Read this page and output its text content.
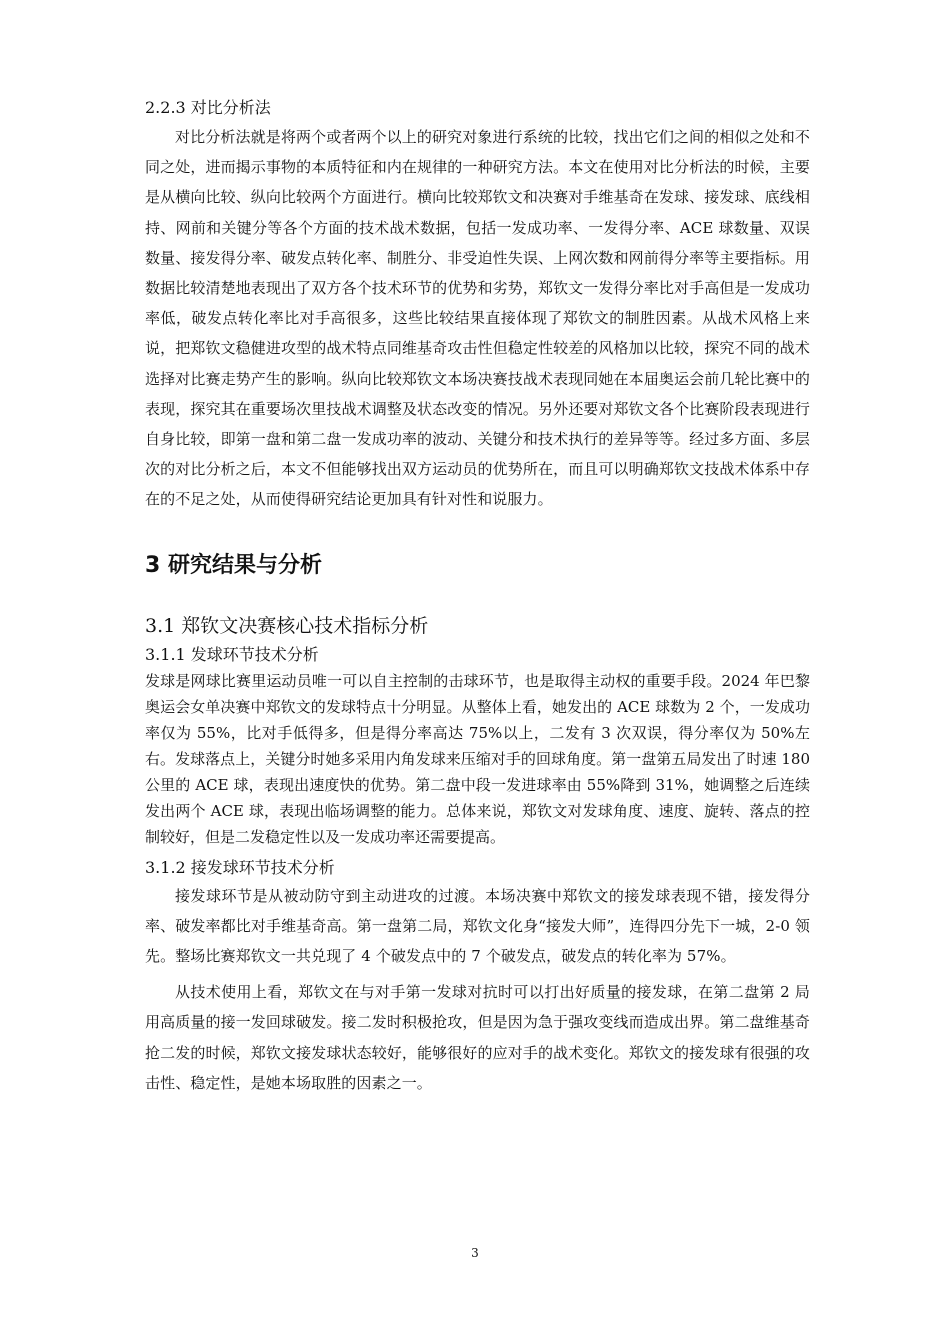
2.2.3 对比分析法

对比分析法就是将两个或者两个以上的研究对象进行系统的比较，找出它们之间的相似之处和不同之处，进而揭示事物的本质特征和内在规律的一种研究方法。本文在使用对比分析法的时候，主要是从横向比较、纵向比较两个方面进行。横向比较郑钦文和决赛对手维基奇在发球、接发球、底线相持、网前和关键分等各个方面的技术战术数据，包括一发成功率、一发得分率、ACE 球数量、双误数量、接发得分率、破发点转化率、制胜分、非受迫性失误、上网次数和网前得分率等主要指标。用数据比较清楚地表现出了双方各个技术环节的优势和劣势，郑钦文一发得分率比对手高但是一发成功率低，破发点转化率比对手高很多，这些比较结果直接体现了郑钦文的制胜因素。从战术风格上来说，把郑钦文稳健进攻型的战术特点同维基奇攻击性但稳定性较差的风格加以比较，探究不同的战术选择对比赛走势产生的影响。纵向比较郑钦文本场决赛技战术表现同她在本届奥运会前几轮比赛中的表现，探究其在重要场次里技战术调整及状态改变的情况。另外还要对郑钦文各个比赛阶段表现进行自身比较，即第一盘和第二盘一发成功率的波动、关键分和技术执行的差异等等。经过多方面、多层次的对比分析之后，本文不但能够找出双方运动员的优势所在，而且可以明确郑钦文技战术体系中存在的不足之处，从而使得研究结论更加具有针对性和说服力。

3 研究结果与分析
3.1 郑钦文决赛核心技术指标分析
3.1.1 发球环节技术分析

发球是网球比赛里运动员唯一可以自主控制的击球环节，也是取得主动权的重要手段。2024 年巴黎奥运会女单决赛中郑钦文的发球特点十分明显。从整体上看，她发出的 ACE 球数为 2 个，一发成功率仅为 55%，比对手低得多，但是得分率高达 75%以上，二发有 3 次双误，得分率仅为 50%左右。发球落点上，关键分时她多采用内角发球来压缩对手的回球角度。第一盘第五局发出了时速 180 公里的 ACE 球，表现出速度快的优势。第二盘中段一发进球率由 55%降到 31%，她调整之后连续发出两个 ACE 球，表现出临场调整的能力。总体来说，郑钦文对发球角度、速度、旋转、落点的控制较好，但是二发稳定性以及一发成功率还需要提高。

3.1.2 接发球环节技术分析

接发球环节是从被动防守到主动进攻的过渡。本场决赛中郑钦文的接发球表现不错，接发得分率、破发率都比对手维基奇高。第一盘第二局，郑钦文化身“接发大师”，连得四分先下一城，2-0 领先。整场比赛郑钦文一共兑现了 4 个破发点中的 7 个破发点，破发点的转化率为 57%。

从技术使用上看，郑钦文在与对手第一发球对抗时可以打出好质量的接发球，在第二盘第 2 局用高质量的接一发回球破发。接二发时积极抢攻，但是因为急于强攻变线而造成出界。第二盘维基奇抢二发的时候，郑钦文接发球状态较好，能够很好的应对手的战术变化。郑钦文的接发球有很强的攻击性、稳定性，是她本场取胜的因素之一。

3
